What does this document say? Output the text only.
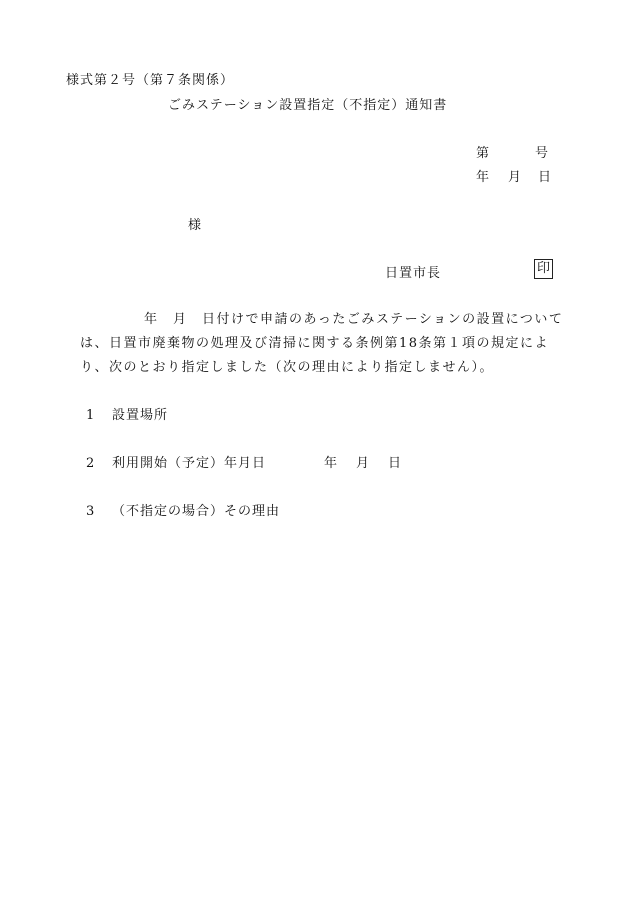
様式第２号（第７条関係）
ごみステーション設置指定（不指定）通知書
第	号
年 月 日
様
日置市長	印
年　月　日付けで申請のあったごみステーションの設置については、日置市廃棄物の処理及び清掃に関する条例第18条第１項の規定により、次のとおり指定しました（次の理由により指定しません）。
1 設置場所
2 利用開始（予定）年月日	年 月 日
3 （不指定の場合）その理由
